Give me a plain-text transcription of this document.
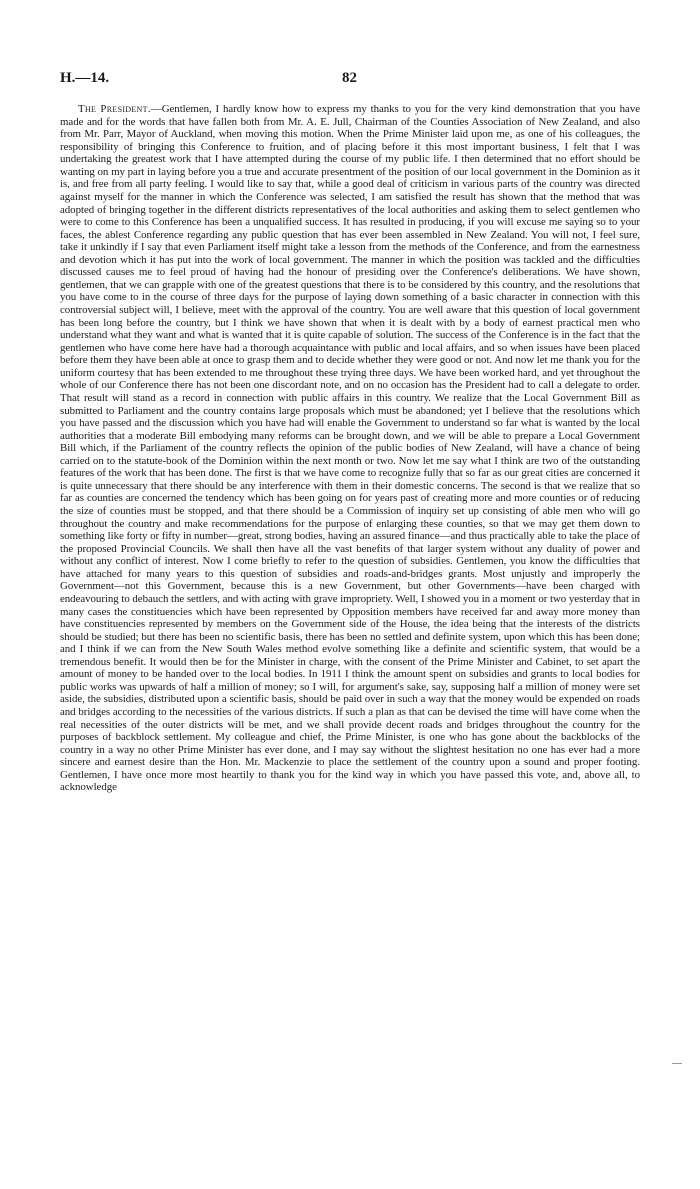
H.—14.	82

The President.—Gentlemen, I hardly know how to express my thanks to you for the very kind demonstration that you have made and for the words that have fallen both from Mr. A. E. Jull, Chairman of the Counties Association of New Zealand, and also from Mr. Parr, Mayor of Auckland, when moving this motion. When the Prime Minister laid upon me, as one of his colleagues, the responsibility of bringing this Conference to fruition, and of placing before it this most important business, I felt that I was undertaking the greatest work that I have attempted during the course of my public life. I then determined that no effort should be wanting on my part in laying before you a true and accurate presentment of the position of our local government in the Dominion as it is, and free from all party feeling. I would like to say that, while a good deal of criticism in various parts of the country was directed against myself for the manner in which the Conference was selected, I am satisfied the result has shown that the method that was adopted of bringing together in the different districts representatives of the local authorities and asking them to select gentlemen who were to come to this Conference has been a unqualified success. It has resulted in producing, if you will excuse me saying so to your faces, the ablest Conference regarding any public question that has ever been assembled in New Zealand. You will not, I feel sure, take it unkindly if I say that even Parliament itself might take a lesson from the methods of the Conference, and from the earnestness and devotion which it has put into the work of local government. The manner in which the position was tackled and the difficulties discussed causes me to feel proud of having had the honour of presiding over the Conference's deliberations. We have shown, gentlemen, that we can grapple with one of the greatest questions that there is to be considered by this country, and the resolutions that you have come to in the course of three days for the purpose of laying down something of a basic character in connection with this controversial subject will, I believe, meet with the approval of the country. You are well aware that this question of local government has been long before the country, but I think we have shown that when it is dealt with by a body of earnest practical men who understand what they want and what is wanted that it is quite capable of solution. The success of the Conference is in the fact that the gentlemen who have come here have had a thorough acquaintance with public and local affairs, and so when issues have been placed before them they have been able at once to grasp them and to decide whether they were good or not. And now let me thank you for the uniform courtesy that has been extended to me throughout these trying three days. We have been worked hard, and yet throughout the whole of our Conference there has not been one discordant note, and on no occasion has the President had to call a delegate to order. That result will stand as a record in connection with public affairs in this country. We realize that the Local Government Bill as submitted to Parliament and the country contains large proposals which must be abandoned; yet I believe that the resolutions which you have passed and the discussion which you have had will enable the Government to understand so far what is wanted by the local authorities that a moderate Bill embodying many reforms can be brought down, and we will be able to prepare a Local Government Bill which, if the Parliament of the country reflects the opinion of the public bodies of New Zealand, will have a chance of being carried on to the statute-book of the Dominion within the next month or two. Now let me say what I think are two of the outstanding features of the work that has been done. The first is that we have come to recognize fully that so far as our great cities are concerned it is quite unnecessary that there should be any interference with them in their domestic concerns. The second is that we realize that so far as counties are concerned the tendency which has been going on for years past of creating more and more counties or of reducing the size of counties must be stopped, and that there should be a Commission of inquiry set up consisting of able men who will go throughout the country and make recommendations for the purpose of enlarging these counties, so that we may get them down to something like forty or fifty in number—great, strong bodies, having an assured finance—and thus practically able to take the place of the proposed Provincial Councils. We shall then have all the vast benefits of that larger system without any duality of power and without any conflict of interest. Now I come briefly to refer to the question of subsidies. Gentlemen, you know the difficulties that have attached for many years to this question of subsidies and roads-and-bridges grants. Most unjustly and improperly the Government—not this Government, because this is a new Government, but other Governments—have been charged with endeavouring to debauch the settlers, and with acting with grave impropriety. Well, I showed you in a moment or two yesterday that in many cases the constituencies which have been represented by Opposition members have received far and away more money than have constituencies represented by members on the Government side of the House, the idea being that the interests of the districts should be studied; but there has been no scientific basis, there has been no settled and definite system, upon which this has been done; and I think if we can from the New South Wales method evolve something like a definite and scientific system, that would be a tremendous benefit. It would then be for the Minister in charge, with the consent of the Prime Minister and Cabinet, to set apart the amount of money to be handed over to the local bodies. In 1911 I think the amount spent on subsidies and grants to local bodies for public works was upwards of half a million of money; so I will, for argument's sake, say, supposing half a million of money were set aside, the subsidies, distributed upon a scientific basis, should be paid over in such a way that the money would be expended on roads and bridges according to the necessities of the various districts. If such a plan as that can be devised the time will have come when the real necessities of the outer districts will be met, and we shall provide decent roads and bridges throughout the country for the purposes of backblock settlement. My colleague and chief, the Prime Minister, is one who has gone about the backblocks of the country in a way no other Prime Minister has ever done, and I may say without the slightest hesitation no one has ever had a more sincere and earnest desire than the Hon. Mr. Mackenzie to place the settlement of the country upon a sound and proper footing. Gentlemen, I have once more most heartily to thank you for the kind way in which you have passed this vote, and, above all, to acknowledge
